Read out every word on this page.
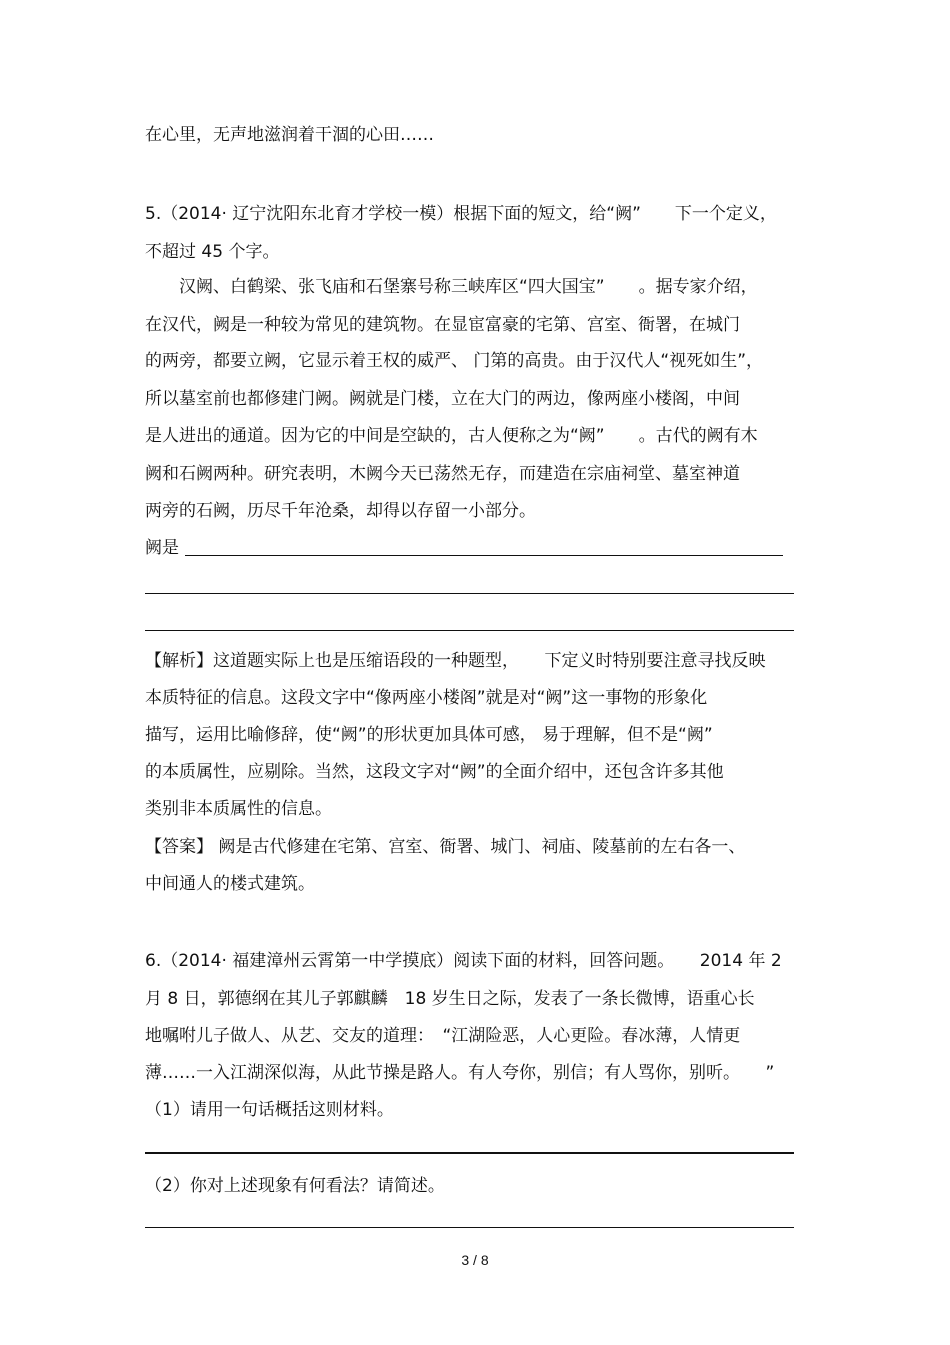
在心里，无声地滋润着干涸的心田……
5.（2014· 辽宁沈阳东北育才学校一模）根据下面的短文，给“阙”　　下一个定义，
不超过 45 个字。
　　汉阙、白鹤梁、张飞庙和石堡寨号称三峡库区“四大国宝”　　。据专家介绍，
在汉代，阙是一种较为常见的建筑物。在显宦富豪的宅第、宫室、衙署，在城门
的两旁，都要立阙，它显示着王权的威严、 门第的高贵。由于汉代人“视死如生”，
所以墓室前也都修建门阙。阙就是门楼，立在大门的两边，像两座小楼阁，中间
是人进出的通道。因为它的中间是空缺的，古人便称之为“阙”　　。古代的阙有木
阙和石阙两种。研究表明，木阙今天已荡然无存，而建造在宗庙祠堂、墓室神道
两旁的石阙，历尽千年沧桑，却得以存留一小部分。
阙是
【解析】这道题实际上也是压缩语段的一种题型，　　下定义时特别要注意寻找反映
本质特征的信息。这段文字中“像两座小楼阁”就是对“阙”这一事物的形象化
描写，运用比喻修辞，使“阙”的形状更加具体可感， 易于理解，但不是“阙”
的本质属性，应剔除。当然，这段文字对“阙”的全面介绍中，还包含许多其他
类别非本质属性的信息。
【答案】 阙是古代修建在宅第、宫室、衙署、城门、祠庙、陵墓前的左右各一、
中间通人的楼式建筑。
6.（2014· 福建漳州云霄第一中学摸底）阅读下面的材料，回答问题。　　2014 年 2
月 8 日，郭德纲在其儿子郭麒麟　18 岁生日之际，发表了一条长微博，语重心长
地嘱咐儿子做人、从艺、交友的道理：　“江湖险恶，人心更险。春冰薄，人情更
薄……一入江湖深似海，从此节操是路人。有人夸你，别信；有人骂你，别听。　　”
（1）请用一句话概括这则材料。
（2）你对上述现象有何看法？请简述。
3 / 8
